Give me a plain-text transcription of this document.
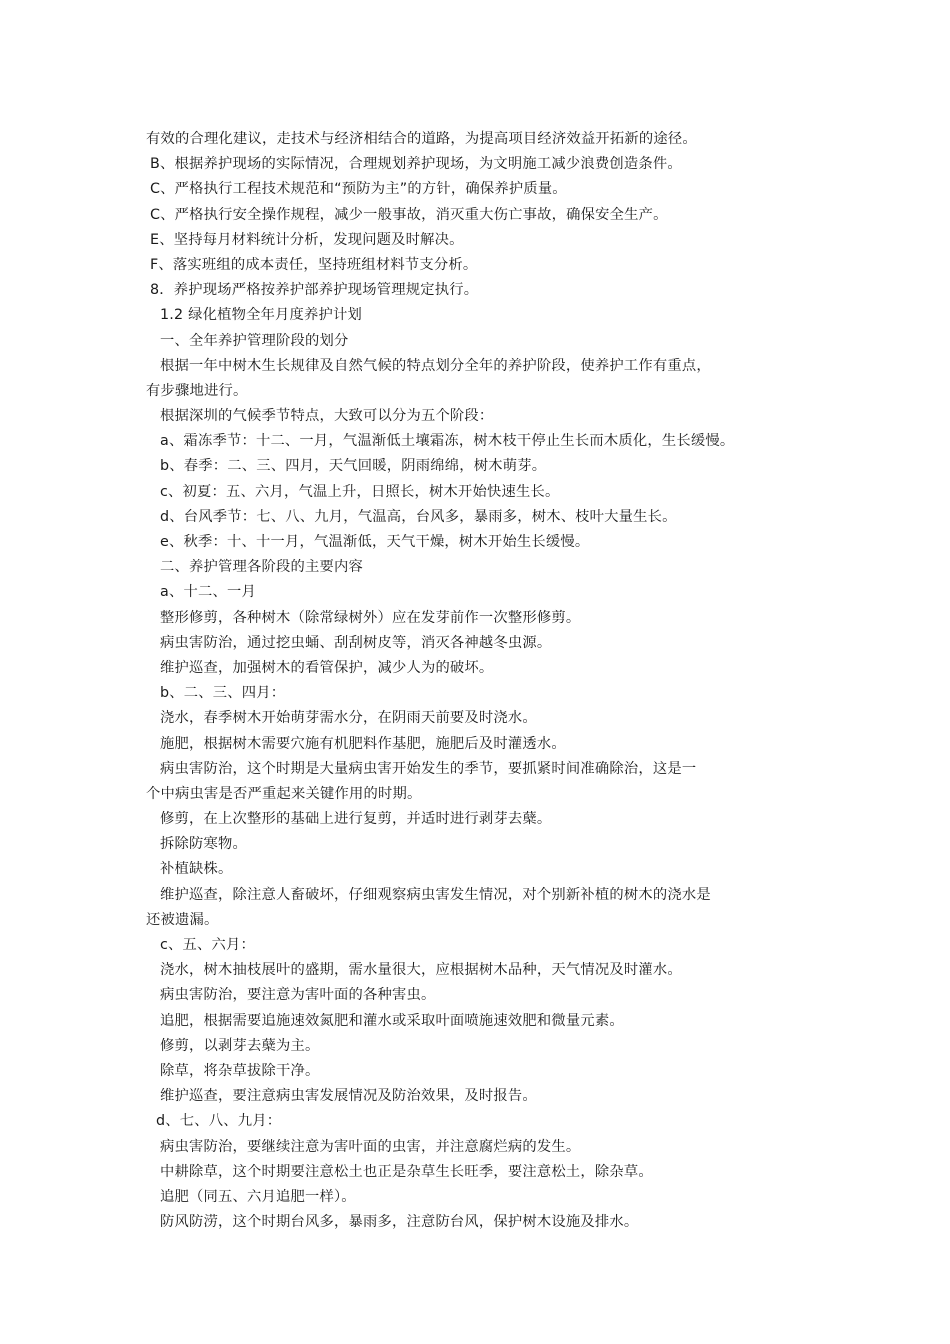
有效的合理化建议，走技术与经济相结合的道路，为提高项目经济效益开拓新的途径。
B、根据养护现场的实际情况，合理规划养护现场，为文明施工减少浪费创造条件。
C、严格执行工程技术规范和“预防为主”的方针，确保养护质量。
C、严格执行安全操作规程，减少一般事故，消灭重大伤亡事故，确保安全生产。
E、坚持每月材料统计分析，发现问题及时解决。
F、落实班组的成本责任，坚持班组材料节支分析。
8．养护现场严格按养护部养护现场管理规定执行。
1.2 绿化植物全年月度养护计划
一、全年养护管理阶段的划分
根据一年中树木生长规律及自然气候的特点划分全年的养护阶段，使养护工作有重点，
有步骤地进行。
根据深圳的气候季节特点，大致可以分为五个阶段：
a、霜冻季节：十二、一月，气温渐低土壤霜冻，树木枝干停止生长而木质化，生长缓慢。
b、春季：二、三、四月，天气回暖，阴雨绵绵，树木萌芽。
c、初夏：五、六月，气温上升，日照长，树木开始快速生长。
d、台风季节：七、八、九月，气温高，台风多，暴雨多，树木、枝叶大量生长。
e、秋季：十、十一月，气温渐低，天气干燥，树木开始生长缓慢。
二、养护管理各阶段的主要内容
a、十二、一月
整形修剪，各种树木（除常绿树外）应在发芽前作一次整形修剪。
病虫害防治，通过挖虫蛹、刮刮树皮等，消灭各神越冬虫源。
维护巡查，加强树木的看管保护，减少人为的破坏。
b、二、三、四月：
浇水，春季树木开始萌芽需水分，在阴雨天前要及时浇水。
施肥，根据树木需要穴施有机肥料作基肥，施肥后及时灌透水。
病虫害防治，这个时期是大量病虫害开始发生的季节，要抓紧时间准确除治，这是一
个中病虫害是否严重起来关键作用的时期。
修剪，在上次整形的基础上进行复剪，并适时进行剥芽去蘖。
拆除防寒物。
补植缺株。
维护巡查，除注意人畜破坏，仔细观察病虫害发生情况，对个别新补植的树木的浇水是
还被遗漏。
c、五、六月：
浇水，树木抽枝展叶的盛期，需水量很大，应根据树木品种，天气情况及时灌水。
病虫害防治，要注意为害叶面的各种害虫。
追肥，根据需要追施速效氮肥和灌水或采取叶面喷施速效肥和微量元素。
修剪，以剥芽去蘖为主。
除草，将杂草拔除干净。
维护巡查，要注意病虫害发展情况及防治效果，及时报告。
d、七、八、九月：
病虫害防治，要继续注意为害叶面的虫害，并注意腐烂病的发生。
中耕除草，这个时期要注意松土也正是杂草生长旺季，要注意松土，除杂草。
追肥（同五、六月追肥一样）。
防风防涝，这个时期台风多，暴雨多，注意防台风，保护树木设施及排水。
